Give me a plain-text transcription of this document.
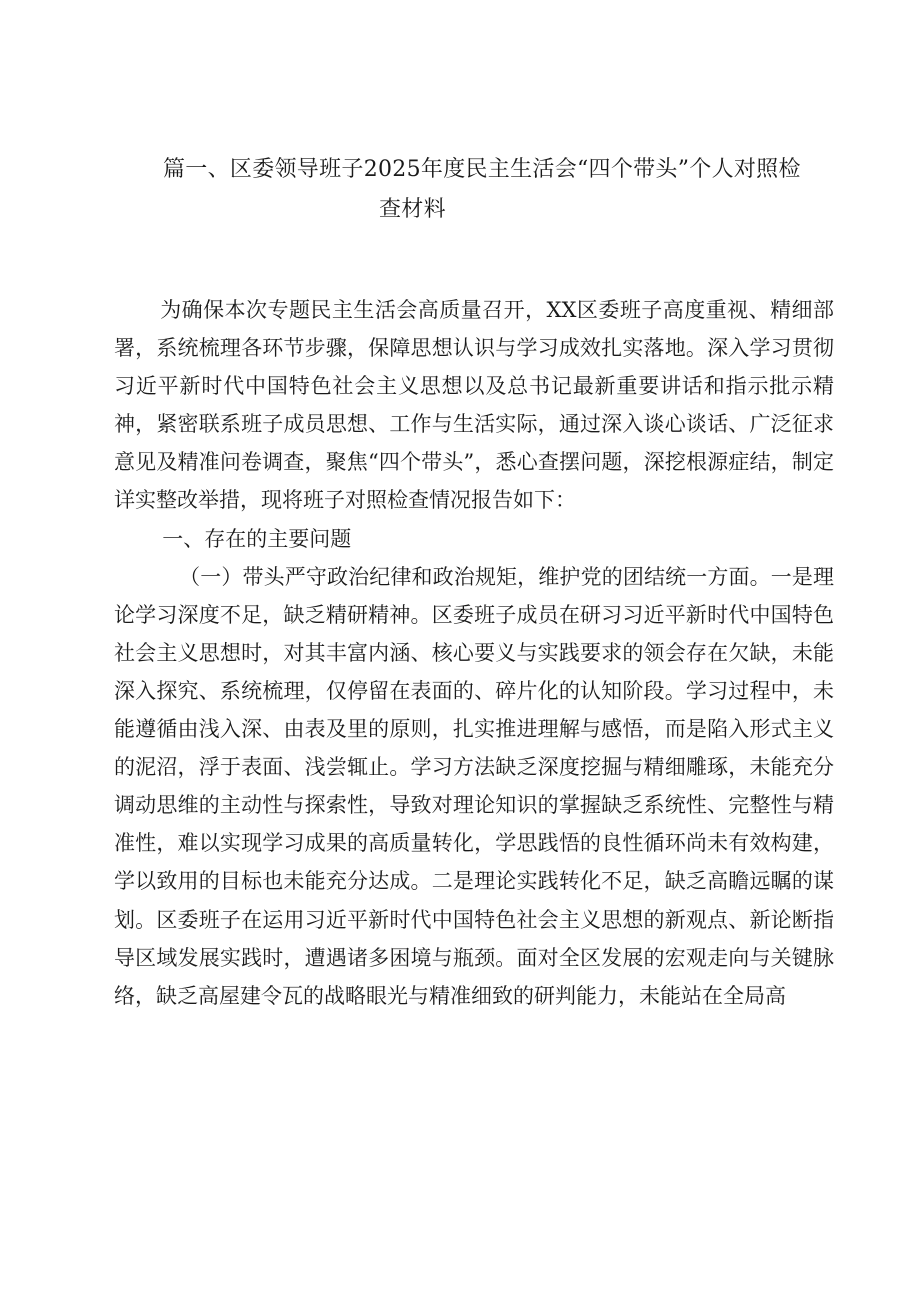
篇一、区委领导班子2025年度民主生活会“四个带头”个人对照检
查材料

为确保本次专题民主生活会高质量召开，XX区委班子高度重视、精细部署，系统梳理各环节步骤，保障思想认识与学习成效扎实落地。深入学习贯彻习近平新时代中国特色社会主义思想以及总书记最新重要讲话和指示批示精神，紧密联系班子成员思想、工作与生活实际，通过深入谈心谈话、广泛征求意见及精准问卷调查，聚焦“四个带头”，悉心查摆问题，深挖根源症结，制定详实整改举措，现将班子对照检查情况报告如下：

一、存在的主要问题

（一）带头严守政治纪律和政治规矩，维护党的团结统一方面。一是理论学习深度不足，缺乏精研精神。区委班子成员在研习习近平新时代中国特色社会主义思想时，对其丰富内涵、核心要义与实践要求的领会存在欠缺，未能深入探究、系统梳理，仅停留在表面的、碎片化的认知阶段。学习过程中，未能遵循由浅入深、由表及里的原则，扎实推进理解与感悟，而是陷入形式主义的泥沼，浮于表面、浅尝辄止。学习方法缺乏深度挖掘与精细雕琢，未能充分调动思维的主动性与探索性，导致对理论知识的掌握缺乏系统性、完整性与精准性，难以实现学习成果的高质量转化，学思践悟的良性循环尚未有效构建，学以致用的目标也未能充分达成。二是理论实践转化不足，缺乏高瞻远瞩的谋划。区委班子在运用习近平新时代中国特色社会主义思想的新观点、新论断指导区域发展实践时，遭遇诸多困境与瓶颈。面对全区发展的宏观走向与关键脉络，缺乏高屋建令瓦的战略眼光与精准细致的研判能力，未能站在全局高
